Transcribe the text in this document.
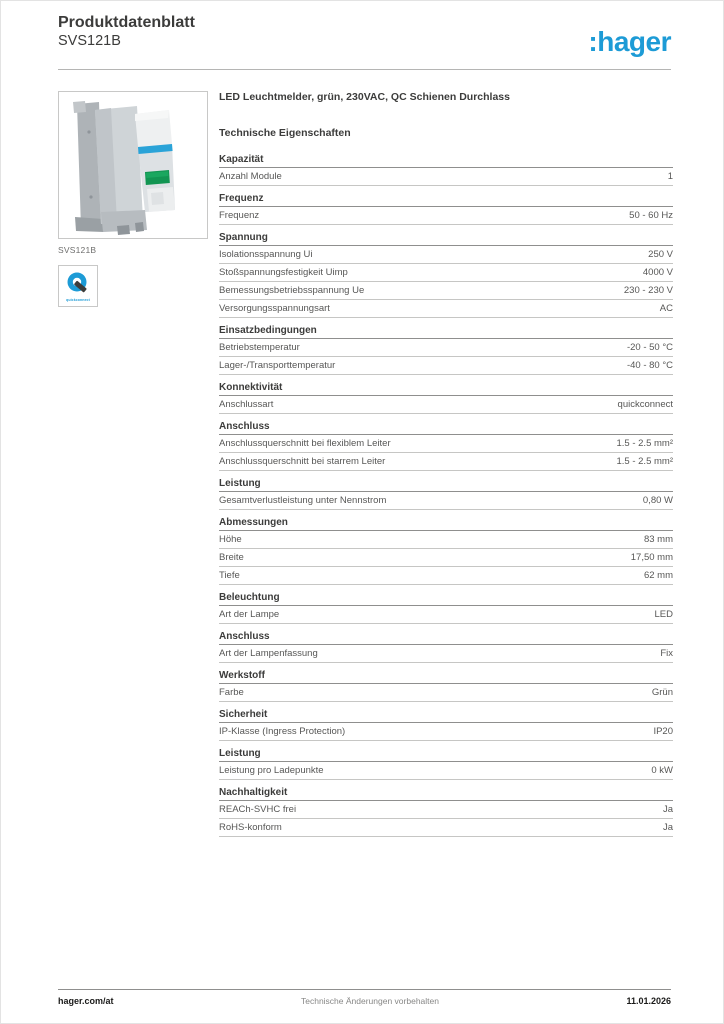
Produktdatenblatt
SVS121B	:hager
SVS121B
quickconnect
LED Leuchtmelder, grün, 230VAC, QC Schienen Durchlass
Technische Eigenschaften
Kapazität
Anzahl Module	1
Frequenz
Frequenz	50 - 60 Hz
Spannung
Isolationsspannung Ui	250 V
Stoßspannungsfestigkeit Uimp	4000 V
Bemessungsbetriebsspannung Ue	230 - 230 V
Versorgungsspannungsart	AC
Einsatzbedingungen
Betriebstemperatur	-20 - 50 °C
Lager-/Transporttemperatur	-40 - 80 °C
Konnektivität
Anschlussart	quickconnect
Anschluss
Anschlussquerschnitt bei flexiblem Leiter	1.5 - 2.5 mm²
Anschlussquerschnitt bei starrem Leiter	1.5 - 2.5 mm²
Leistung
Gesamtverlustleistung unter Nennstrom	0,80 W
Abmessungen
Höhe	83 mm
Breite	17,50 mm
Tiefe	62 mm
Beleuchtung
Art der Lampe	LED
Anschluss
Art der Lampenfassung	Fix
Werkstoff
Farbe	Grün
Sicherheit
IP-Klasse (Ingress Protection)	IP20
Leistung
Leistung pro Ladepunkte	0 kW
Nachhaltigkeit
REACh-SVHC frei	Ja
RoHS-konform	Ja
hager.com/at	Technische Änderungen vorbehalten	11.01.2026
